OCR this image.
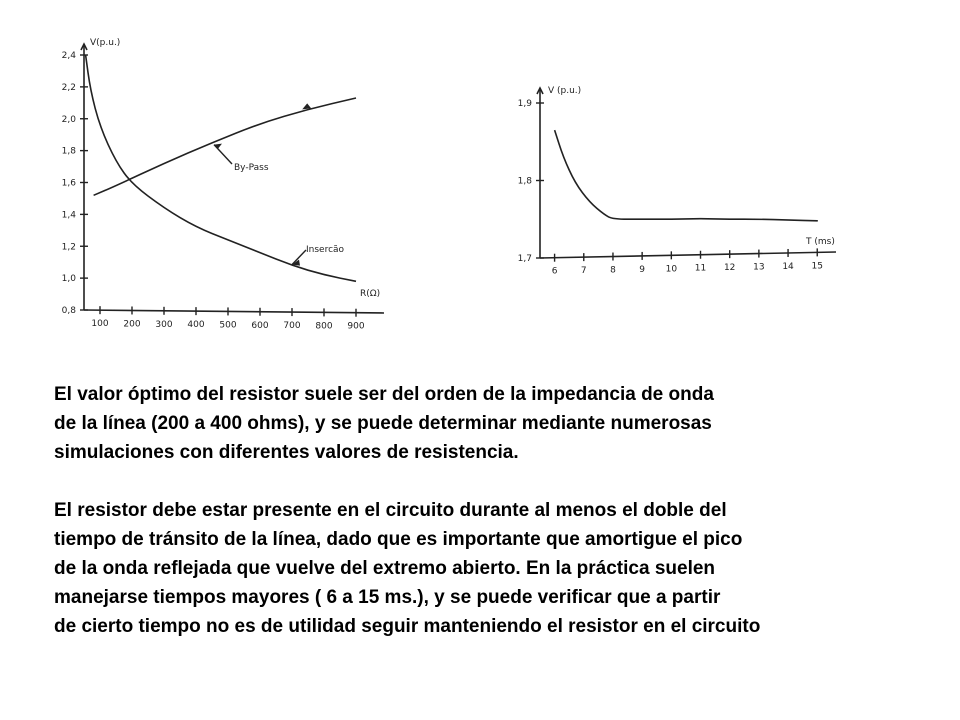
0,8
1,0
1,2
1,4
1,6
1,8
2,0
2,2
2,4
100 200 300 400 500 600 700 800 900
V(p.u.)
R(Ω)
By-Pass
Insercão
1,7
1,8
1,9
6	7	8	9 10 11 12 13 14 15
V (p.u.)
T (ms)

El valor óptimo del resistor suele ser del orden de la impedancia de onda

de la línea (200 a 400 ohms), y se puede determinar mediante numerosas

simulaciones con diferentes valores de resistencia.

El resistor debe estar presente en el circuito durante al menos el doble del

tiempo de tránsito de la línea, dado que es importante que amortigue el pico

de la onda reflejada que vuelve del extremo abierto. En la práctica suelen

manejarse tiempos mayores ( 6 a 15 ms.), y se puede verificar que a partir

de cierto tiempo no es de utilidad seguir manteniendo el resistor en el circuito
